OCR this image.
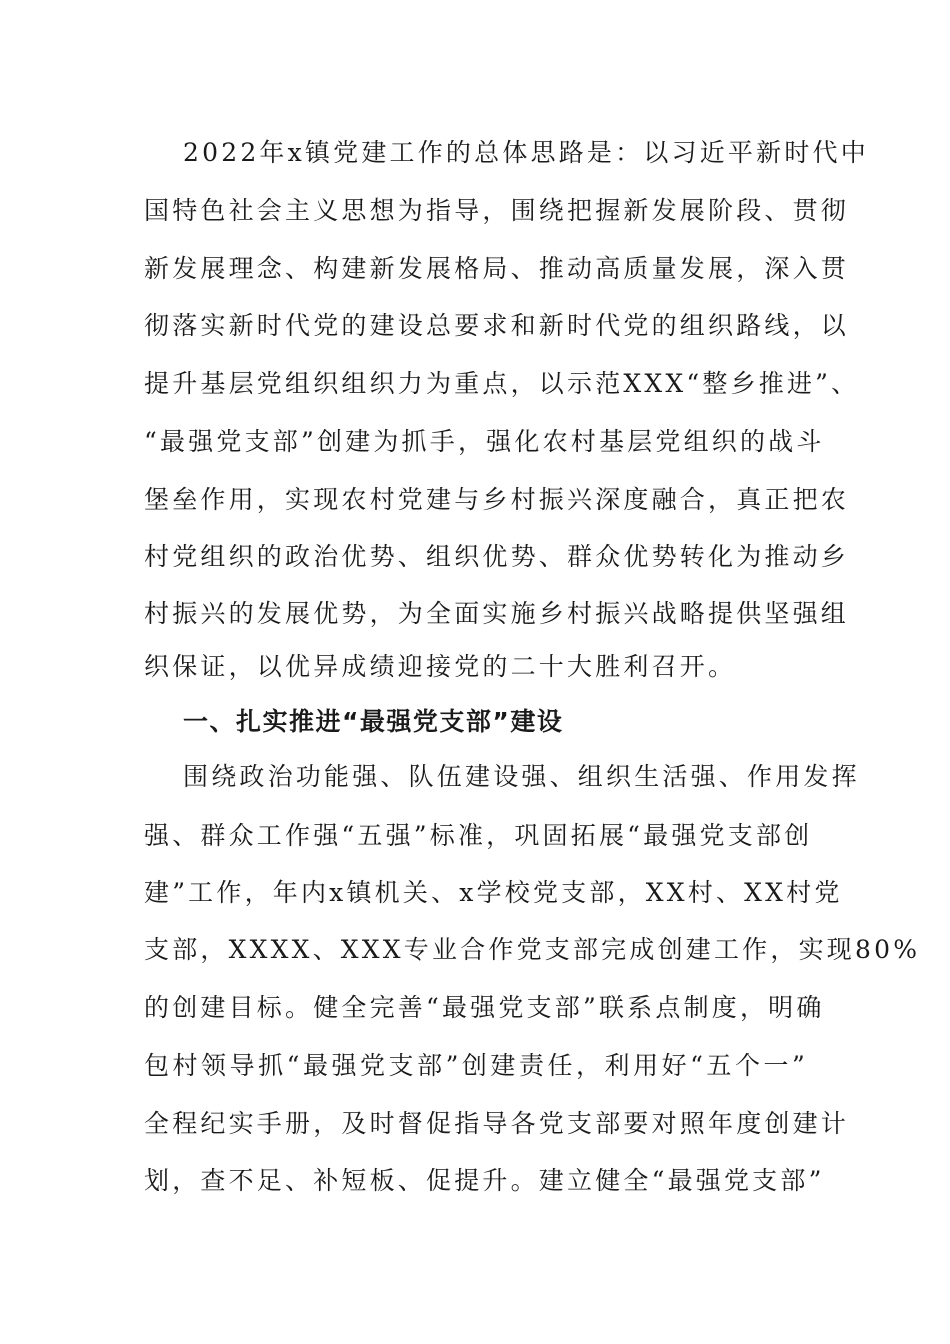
2022年x镇党建工作的总体思路是：以习近平新时代中
国特色社会主义思想为指导，围绕把握新发展阶段、贯彻
新发展理念、构建新发展格局、推动高质量发展，深入贯
彻落实新时代党的建设总要求和新时代党的组织路线，以
提升基层党组织组织力为重点，以示范XXX“整乡推进”、
“最强党支部”创建为抓手，强化农村基层党组织的战斗
堡垒作用，实现农村党建与乡村振兴深度融合，真正把农
村党组织的政治优势、组织优势、群众优势转化为推动乡
村振兴的发展优势，为全面实施乡村振兴战略提供坚强组
织保证，以优异成绩迎接党的二十大胜利召开。
一、扎实推进“最强党支部”建设
围绕政治功能强、队伍建设强、组织生活强、作用发挥
强、群众工作强“五强”标准，巩固拓展“最强党支部创
建”工作，年内x镇机关、x学校党支部，XX村、XX村党
支部，XXXX、XXX专业合作党支部完成创建工作，实现80%
的创建目标。健全完善“最强党支部”联系点制度，明确
包村领导抓“最强党支部”创建责任，利用好“五个一”
全程纪实手册，及时督促指导各党支部要对照年度创建计
划，查不足、补短板、促提升。建立健全“最强党支部”
